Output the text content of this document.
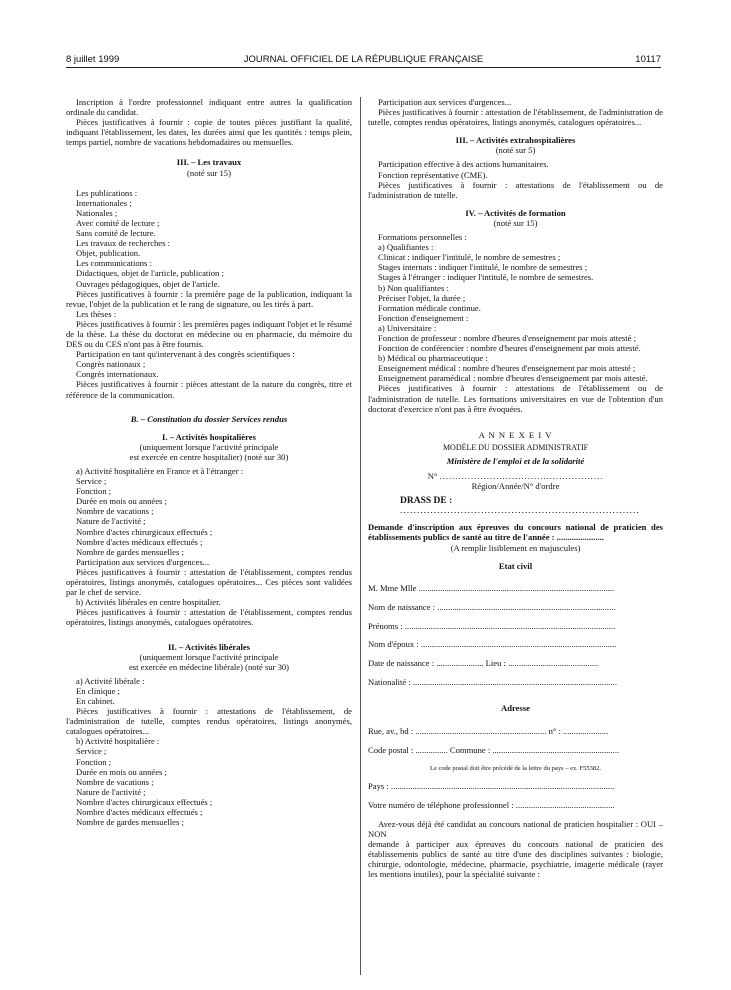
8 juillet 1999	JOURNAL OFFICIEL DE LA RÉPUBLIQUE FRANÇAISE	10117

Inscription à l'ordre professionnel indiquant entre autres la qualification ordinale du candidat.

Pièces justificatives à fournir : copie de toutes pièces justifiant la qualité, indiquant l'établissement, les dates, les durées ainsi que les quotités : temps plein, temps partiel, nombre de vacations hebdomadaires ou mensuelles.

III. – Les travaux

(noté sur 15)

Les publications :

Internationales ;

Nationales ;

Avec comité de lecture ;

Sans comité de lecture.

Les travaux de recherches :

Objet, publication.

Les communications :

Didactiques, objet de l'article, publication ;

Ouvrages pédagogiques, objet de l'article.

Pièces justificatives à fournir : la première page de la publication, indiquant la revue, l'objet de la publication et le rang de signature, ou les tirés à part.

Les thèses :

Pièces justificatives à fournir : les premières pages indiquant l'objet et le résumé de la thèse. La thèse du doctorat en médecine ou en pharmacie, du mémoire du DES ou du CES n'ont pas à être fournis.

Participation en tant qu'intervenant à des congrès scientifiques :

Congrès nationaux ;

Congrès internationaux.

Pièces justificatives à fournir : pièces attestant de la nature du congrès, titre et référence de la communication.

B. – Constitution du dossier Services rendus

I. – Activités hospitalières

(uniquement lorsque l'activité principale

est exercée en centre hospitalier) (noté sur 30)

a) Activité hospitalière en France et à l'étranger :

Service ;

Fonction ;

Durée en mois ou années ;

Nombre de vacations ;

Nature de l'activité ;

Nombre d'actes chirurgicaux effectués ;

Nombre d'actes médicaux effectués ;

Nombre de gardes mensuelles ;

Participation aux services d'urgences...

Pièces justificatives à fournir : attestation de l'établissement, comptes rendus opératoires, listings anonymés, catalogues opératoires... Ces pièces sont validées par le chef de service.

b) Activités libérales en centre hospitalier.

Pièces justificatives à fournir : attestation de l'établissement, comptes rendus opératoires, listings anonymés, catalogues opératoires.

II. – Activités libérales

(uniquement lorsque l'activité principale

est exercée en médecine libérale) (noté sur 30)

a) Activité libérale :

En clinique ;

En cabinet.

Pièces justificatives à fournir : attestations de l'établissement, de l'administration de tutelle, comptes rendus opératoires, listings anonymés, catalogues opératoires...

b) Activité hospitalière :

Service ;

Fonction ;

Durée en mois ou années ;

Nombre de vacations ;

Nature de l'activité ;

Nombre d'actes chirurgicaux effectués ;

Nombre d'actes médicaux effectués ;

Nombre de gardes mensuelles ;

Participation aux services d'urgences...

Pièces justificatives à fournir : attestation de l'établissement, de l'administration de tutelle, comptes rendus opératoires, listings anonymés, catalogues opératoires...

III. – Activités extrahospitalières

(noté sur 5)

Participation effective à des actions humanitaires.

Fonction représentative (CME).

Pièces justificatives à fournir : attestations de l'établissement ou de l'administration de tutelle.

IV. – Activités de formation

(noté sur 15)

Formations personnelles :

a) Qualifiantes :

Clinicat : indiquer l'intitulé, le nombre de semestres ;

Stages internats : indiquer l'intitulé, le nombre de semestres ;

Stages à l'étranger : indiquer l'intitulé, le nombre de semestres.

b) Non qualifiantes :

Préciser l'objet, la durée ;

Formation médicale continue.

Fonction d'enseignement :

a) Universitaire :

Fonction de professeur : nombre d'heures d'enseignement par mois attesté ;

Fonction de conférencier : nombre d'heures d'enseignement par mois attesté.

b) Médical ou pharmaceutique :

Enseignement médical : nombre d'heures d'enseignement par mois attesté ;

Enseignement paramédical : nombre d'heures d'enseignement par mois attesté.

Pièces justificatives à fournir : attestations de l'établissement ou de l'administration de tutelle. Les formations universitaires en vue de l'obtention d'un doctorat d'exercice n'ont pas à être évoquées.

A N N E X E I V

MODÈLE DU DOSSIER ADMINISTRATIF

Ministère de l'emploi et de la solidarité

N° ....................................................

Région/Année/N° d'ordre

DRASS DE : .......................................................................

Demande d'inscription aux épreuves du concours national de praticien des établissements publics de santé au titre de l'année : ......................

(A remplir lisiblement en majuscules)

Etat civil

M. Mme Mlle ...........................................................................................

Nom de naissance : ...................................................................................

Prénoms : ..................................................................................................

Nom d'époux : ...........................................................................................

Date de naissance : ...................... Lieu : ..........................................

Nationalité : ...............................................................................................

Adresse

Rue, av., bd : ............................................................. n° : .....................

Code postal : ............... Commune : ...........................................................

Le code postal doit être précédé de la lettre du pays – ex. F55382.

Pays : ........................................................................................................

Votre numéro de téléphone professionnel : ..............................................

Avez-vous déjà été candidat au concours national de praticien hospitalier : OUI – NON

demande à participer aux épreuves du concours national de praticien des établissements publics de santé au titre d'une des disciplines suivantes : biologie, chirurgie, odontologie, médecine, pharmacie, psychiatrie, imagerie médicale (rayer les mentions inutiles), pour la spécialité suivante :
